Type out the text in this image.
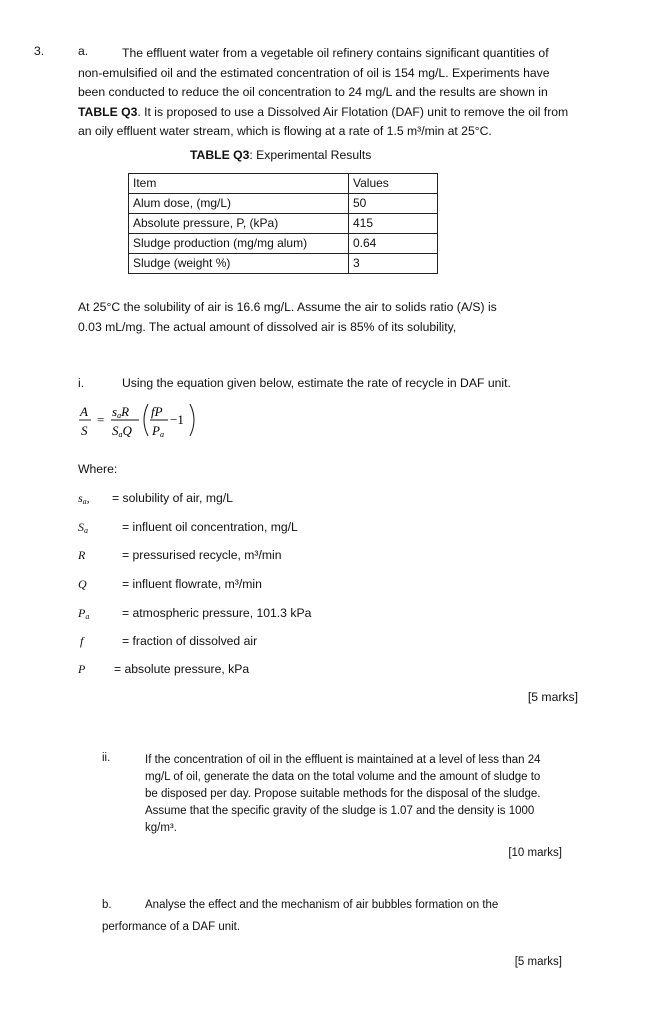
3.	a.	The effluent water from a vegetable oil refinery contains significant quantities of
non-emulsified oil and the estimated concentration of oil is 154 mg/L. Experiments have
been conducted to reduce the oil concentration to 24 mg/L and the results are shown in
TABLE Q3. It is proposed to use a Dissolved Air Flotation (DAF) unit to remove the oil from
an oily effluent water stream, which is flowing at a rate of 1.5 m³/min at 25°C.
TABLE Q3: Experimental Results
Item	Values
Alum dose, (mg/L)	50
Absolute pressure, P, (kPa)	415
Sludge production (mg/mg alum)	0.64
Sludge (weight %)	3
At 25°C the solubility of air is 16.6 mg/L. Assume the air to solids ratio (A/S) is
0.03 mL/mg. The actual amount of dissolved air is 85% of its solubility,
i.	Using the equation given below, estimate the rate of recycle in DAF unit.
A
S
=
saR
SaQ
fP
Pa
−1
Where:
$s_a$, = solubility of air, mg/L
$S_a$	= influent oil concentration, mg/L
R	= pressurised recycle, m³/min
Q	= influent flowrate, m³/min
$P_a$	= atmospheric pressure, 101.3 kPa
f	= fraction of dissolved air
P = absolute pressure, kPa
[5 marks]
ii.	If the concentration of oil in the effluent is maintained at a level of less than 24
mg/L of oil, generate the data on the total volume and the amount of sludge to
be disposed per day. Propose suitable methods for the disposal of the sludge.
Assume that the specific gravity of the sludge is 1.07 and the density is 1000
kg/m³.
[10 marks]
b.	Analyse the effect and the mechanism of air bubbles formation on the
performance of a DAF unit.
[5 marks]
